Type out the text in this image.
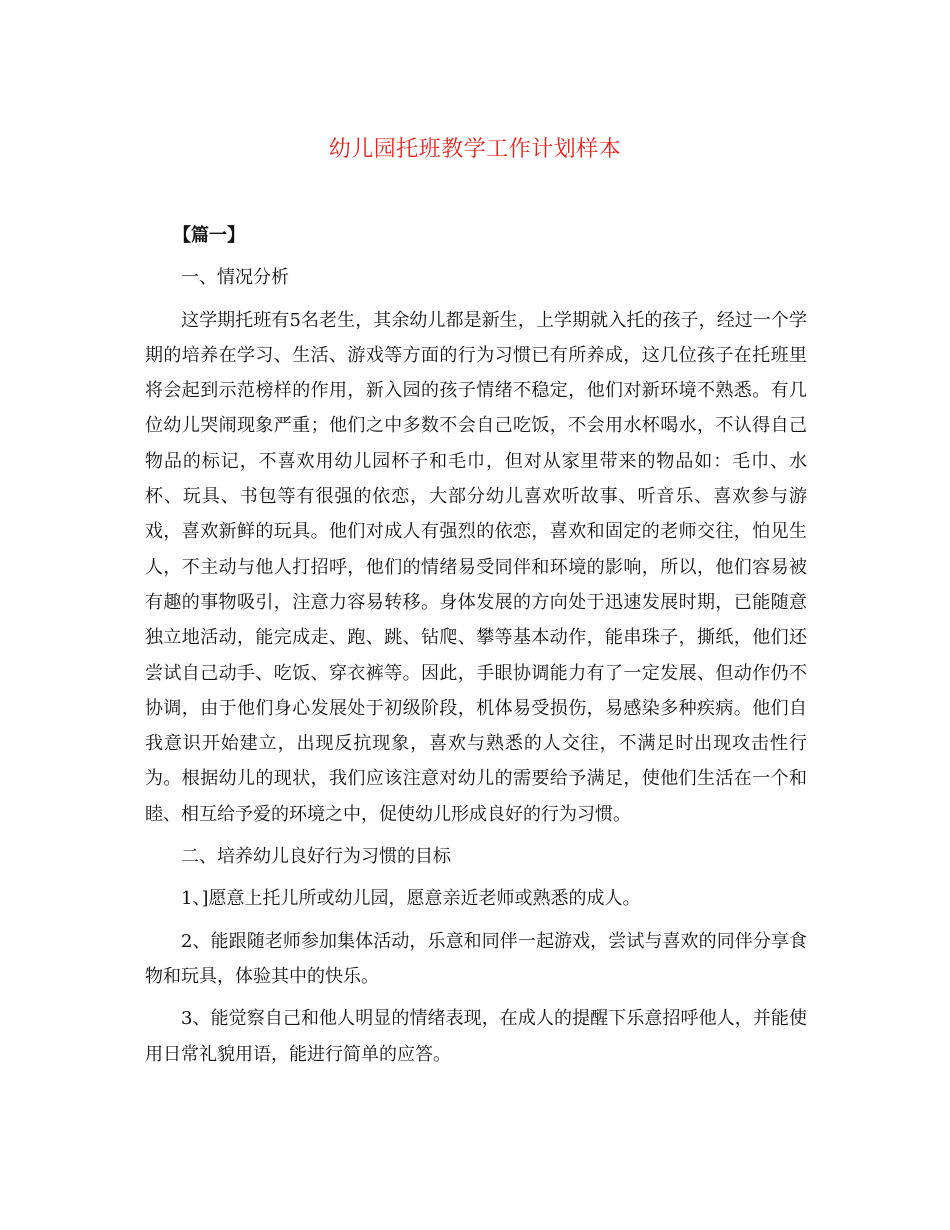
幼儿园托班教学工作计划样本

【篇一】

一、情况分析

这学期托班有5名老生，其余幼儿都是新生，上学期就入托的孩子，经过一个学期的培养在学习、生活、游戏等方面的行为习惯已有所养成，这几位孩子在托班里将会起到示范榜样的作用，新入园的孩子情绪不稳定，他们对新环境不熟悉。有几位幼儿哭闹现象严重；他们之中多数不会自己吃饭，不会用水杯喝水，不认得自己物品的标记，不喜欢用幼儿园杯子和毛巾，但对从家里带来的物品如：毛巾、水杯、玩具、书包等有很强的依恋，大部分幼儿喜欢听故事、听音乐、喜欢参与游戏，喜欢新鲜的玩具。他们对成人有强烈的依恋，喜欢和固定的老师交往，怕见生人，不主动与他人打招呼，他们的情绪易受同伴和环境的影响，所以，他们容易被有趣的事物吸引，注意力容易转移。身体发展的方向处于迅速发展时期，已能随意独立地活动，能完成走、跑、跳、钻爬、攀等基本动作，能串珠子，撕纸，他们还尝试自己动手、吃饭、穿衣裤等。因此，手眼协调能力有了一定发展、但动作仍不协调，由于他们身心发展处于初级阶段，机体易受损伤，易感染多种疾病。他们自我意识开始建立，出现反抗现象，喜欢与熟悉的人交往，不满足时出现攻击性行为。根据幼儿的现状，我们应该注意对幼儿的需要给予满足，使他们生活在一个和睦、相互给予爱的环境之中，促使幼儿形成良好的行为习惯。

二、培养幼儿良好行为习惯的目标

1、]愿意上托儿所或幼儿园，愿意亲近老师或熟悉的成人。

2、能跟随老师参加集体活动，乐意和同伴一起游戏，尝试与喜欢的同伴分享食物和玩具，体验其中的快乐。

3、能觉察自己和他人明显的情绪表现，在成人的提醒下乐意招呼他人，并能使用日常礼貌用语，能进行简单的应答。
